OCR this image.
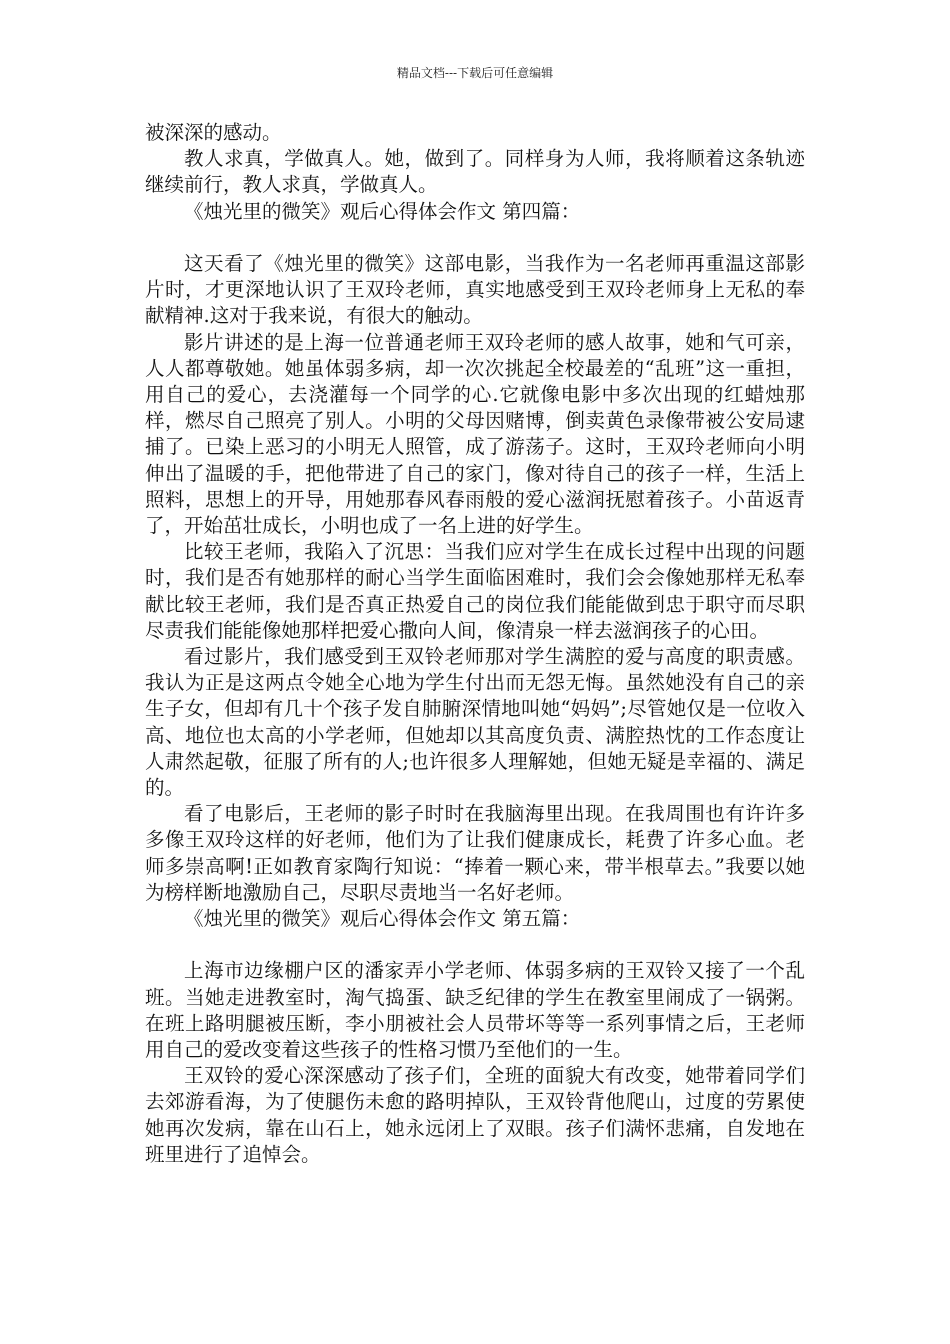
精品文档---下载后可任意编辑

被深深的感动。

教人求真，学做真人。她，做到了。同样身为人师，我将顺着这条轨迹继续前行，教人求真，学做真人。

《烛光里的微笑》观后心得体会作文 第四篇：

这天看了《烛光里的微笑》这部电影，当我作为一名老师再重温这部影片时，才更深地认识了王双玲老师，真实地感受到王双玲老师身上无私的奉献精神.这对于我来说，有很大的触动。

影片讲述的是上海一位普通老师王双玲老师的感人故事，她和气可亲，人人都尊敬她。她虽体弱多病，却一次次挑起全校最差的“乱班”这一重担，用自己的爱心，去浇灌每一个同学的心.它就像电影中多次出现的红蜡烛那样，燃尽自己照亮了别人。小明的父母因赌博，倒卖黄色录像带被公安局逮捕了。已染上恶习的小明无人照管，成了游荡子。这时，王双玲老师向小明伸出了温暖的手，把他带进了自己的家门，像对待自己的孩子一样，生活上照料，思想上的开导，用她那春风春雨般的爱心滋润抚慰着孩子。小苗返青了，开始茁壮成长，小明也成了一名上进的好学生。

比较王老师，我陷入了沉思：当我们应对学生在成长过程中出现的问题时，我们是否有她那样的耐心当学生面临困难时，我们会会像她那样无私奉献比较王老师，我们是否真正热爱自己的岗位我们能能做到忠于职守而尽职尽责我们能能像她那样把爱心撒向人间，像清泉一样去滋润孩子的心田。

看过影片，我们感受到王双铃老师那对学生满腔的爱与高度的职责感。我认为正是这两点令她全心地为学生付出而无怨无悔。虽然她没有自己的亲生子女，但却有几十个孩子发自肺腑深情地叫她“妈妈”;尽管她仅是一位收入高、地位也太高的小学老师，但她却以其高度负责、满腔热忱的工作态度让人肃然起敬，征服了所有的人;也许很多人理解她，但她无疑是幸福的、满足的。

看了电影后，王老师的影子时时在我脑海里出现。在我周围也有许许多多像王双玲这样的好老师，他们为了让我们健康成长，耗费了许多心血。老师多崇高啊!正如教育家陶行知说：“捧着一颗心来，带半根草去。”我要以她为榜样断地激励自己，尽职尽责地当一名好老师。

《烛光里的微笑》观后心得体会作文 第五篇：

上海市边缘棚户区的潘家弄小学老师、体弱多病的王双铃又接了一个乱班。当她走进教室时，淘气捣蛋、缺乏纪律的学生在教室里闹成了一锅粥。在班上路明腿被压断，李小朋被社会人员带坏等等一系列事情之后，王老师用自己的爱改变着这些孩子的性格习惯乃至他们的一生。

王双铃的爱心深深感动了孩子们，全班的面貌大有改变，她带着同学们去郊游看海，为了使腿伤未愈的路明掉队，王双铃背他爬山，过度的劳累使她再次发病，靠在山石上，她永远闭上了双眼。孩子们满怀悲痛，自发地在班里进行了追悼会。
